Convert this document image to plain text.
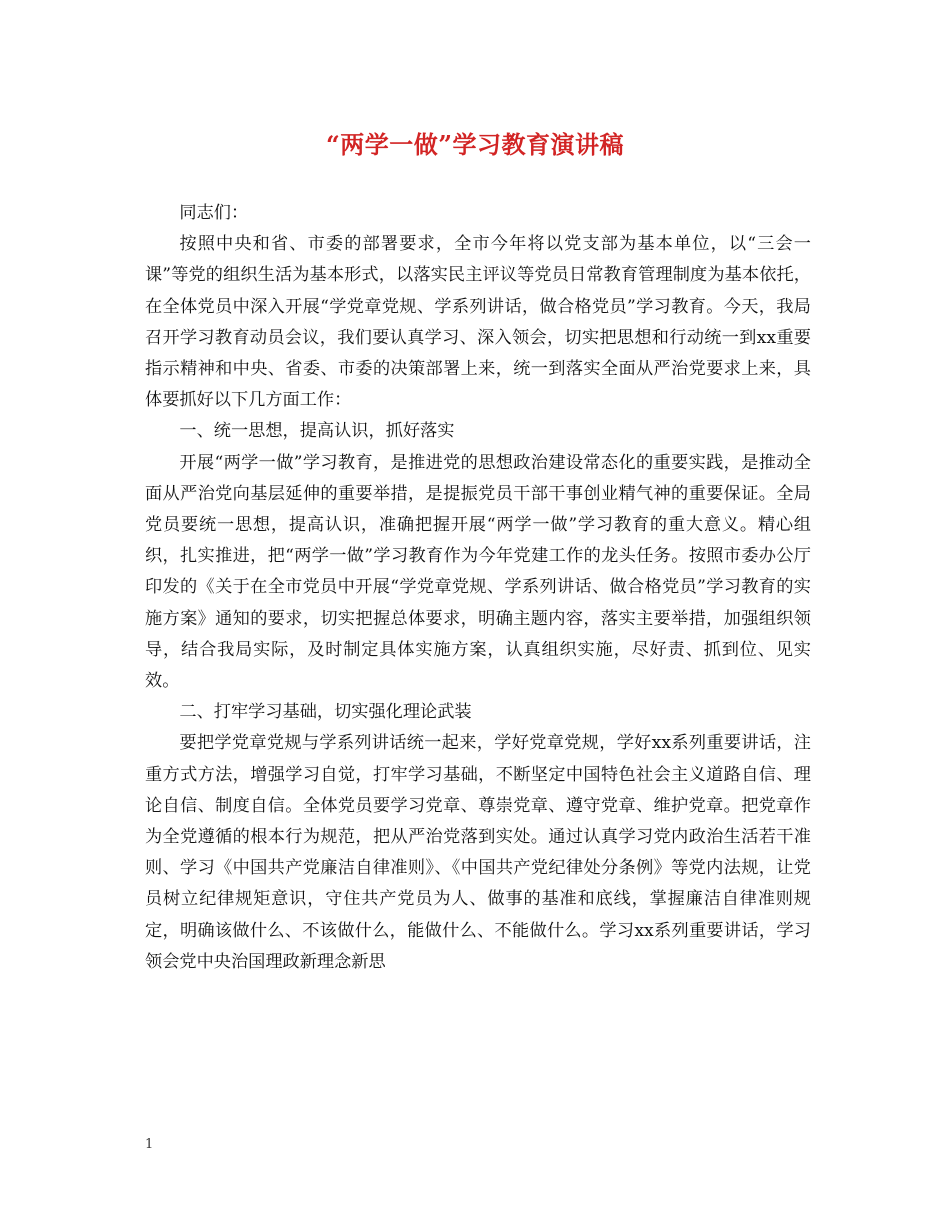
“两学一做”学习教育演讲稿

同志们：

按照中央和省、市委的部署要求，全市今年将以党支部为基本单位，以“三会一课”等党的组织生活为基本形式，以落实民主评议等党员日常教育管理制度为基本依托，在全体党员中深入开展“学党章党规、学系列讲话，做合格党员”学习教育。今天，我局召开学习教育动员会议，我们要认真学习、深入领会，切实把思想和行动统一到xx重要指示精神和中央、省委、市委的决策部署上来，统一到落实全面从严治党要求上来，具体要抓好以下几方面工作：

一、统一思想，提高认识，抓好落实

开展“两学一做”学习教育，是推进党的思想政治建设常态化的重要实践，是推动全面从严治党向基层延伸的重要举措，是提振党员干部干事创业精气神的重要保证。全局党员要统一思想，提高认识，准确把握开展“两学一做”学习教育的重大意义。精心组织，扎实推进，把“两学一做”学习教育作为今年党建工作的龙头任务。按照市委办公厅印发的《关于在全市党员中开展“学党章党规、学系列讲话、做合格党员”学习教育的实施方案》通知的要求，切实把握总体要求，明确主题内容，落实主要举措，加强组织领导，结合我局实际，及时制定具体实施方案，认真组织实施，尽好责、抓到位、见实效。

二、打牢学习基础，切实强化理论武装

要把学党章党规与学系列讲话统一起来，学好党章党规，学好xx系列重要讲话，注重方式方法，增强学习自觉，打牢学习基础，不断坚定中国特色社会主义道路自信、理论自信、制度自信。全体党员要学习党章、尊崇党章、遵守党章、维护党章。把党章作为全党遵循的根本行为规范，把从严治党落到实处。通过认真学习党内政治生活若干准则、学习《中国共产党廉洁自律准则》、《中国共产党纪律处分条例》等党内法规，让党员树立纪律规矩意识，守住共产党员为人、做事的基准和底线，掌握廉洁自律准则规定，明确该做什么、不该做什么，能做什么、不能做什么。学习xx系列重要讲话，学习领会党中央治国理政新理念新思

1
